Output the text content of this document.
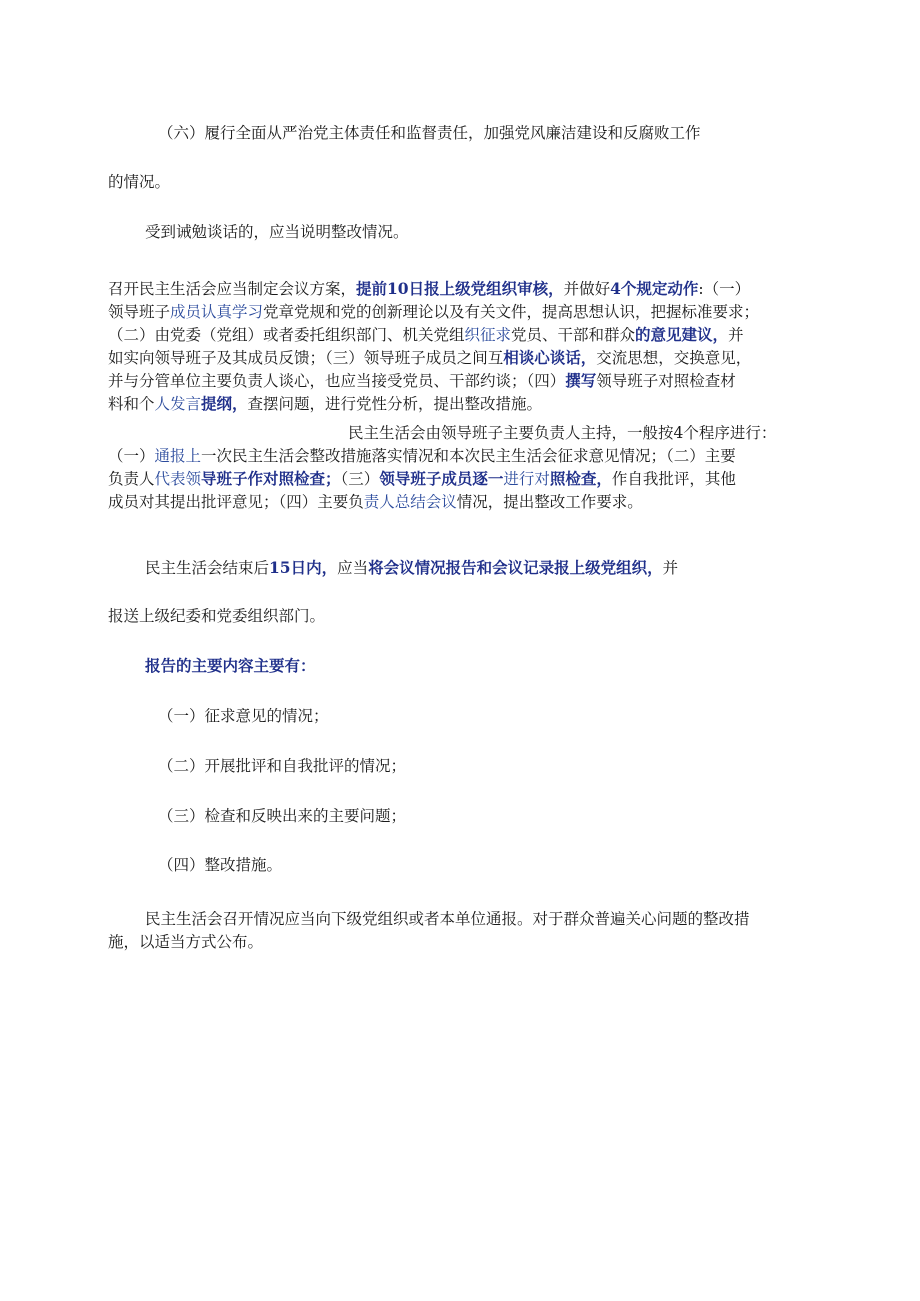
（六）履行全面从严治党主体责任和监督责任，加强党风廉洁建设和反腐败工作
的情况。
受到诫勉谈话的，应当说明整改情况。
召开民主生活会应当制定会议方案，提前10日报上级党组织审核，并做好4个规定动作:（一）
领导班子成员认真学习党章党规和党的创新理论以及有关文件，提高思想认识，把握标准要求；
（二）由党委（党组）或者委托组织部门、机关党组织征求党员、干部和群众的意见建议，并
如实向领导班子及其成员反馈；（三）领导班子成员之间互相谈心谈话，交流思想，交换意见，
并与分管单位主要负责人谈心，也应当接受党员、干部约谈；（四）撰写领导班子对照检查材
料和个人发言提纲，查摆问题，进行党性分析，提出整改措施。
民主生活会由领导班子主要负责人主持，一般按4个程序进行：
（一）通报上一次民主生活会整改措施落实情况和本次民主生活会征求意见情况；（二）主要
负责人代表领导班子作对照检查；（三）领导班子成员逐一进行对照检查，作自我批评，其他
成员对其提出批评意见；（四）主要负责人总结会议情况，提出整改工作要求。
民主生活会结束后15日内，应当将会议情况报告和会议记录报上级党组织，并
报送上级纪委和党委组织部门。
报告的主要内容主要有：
（一）征求意见的情况；
（二）开展批评和自我批评的情况；
（三）检查和反映出来的主要问题；
（四）整改措施。
民主生活会召开情况应当向下级党组织或者本单位通报。对于群众普遍关心问题的整改措
施，以适当方式公布。
